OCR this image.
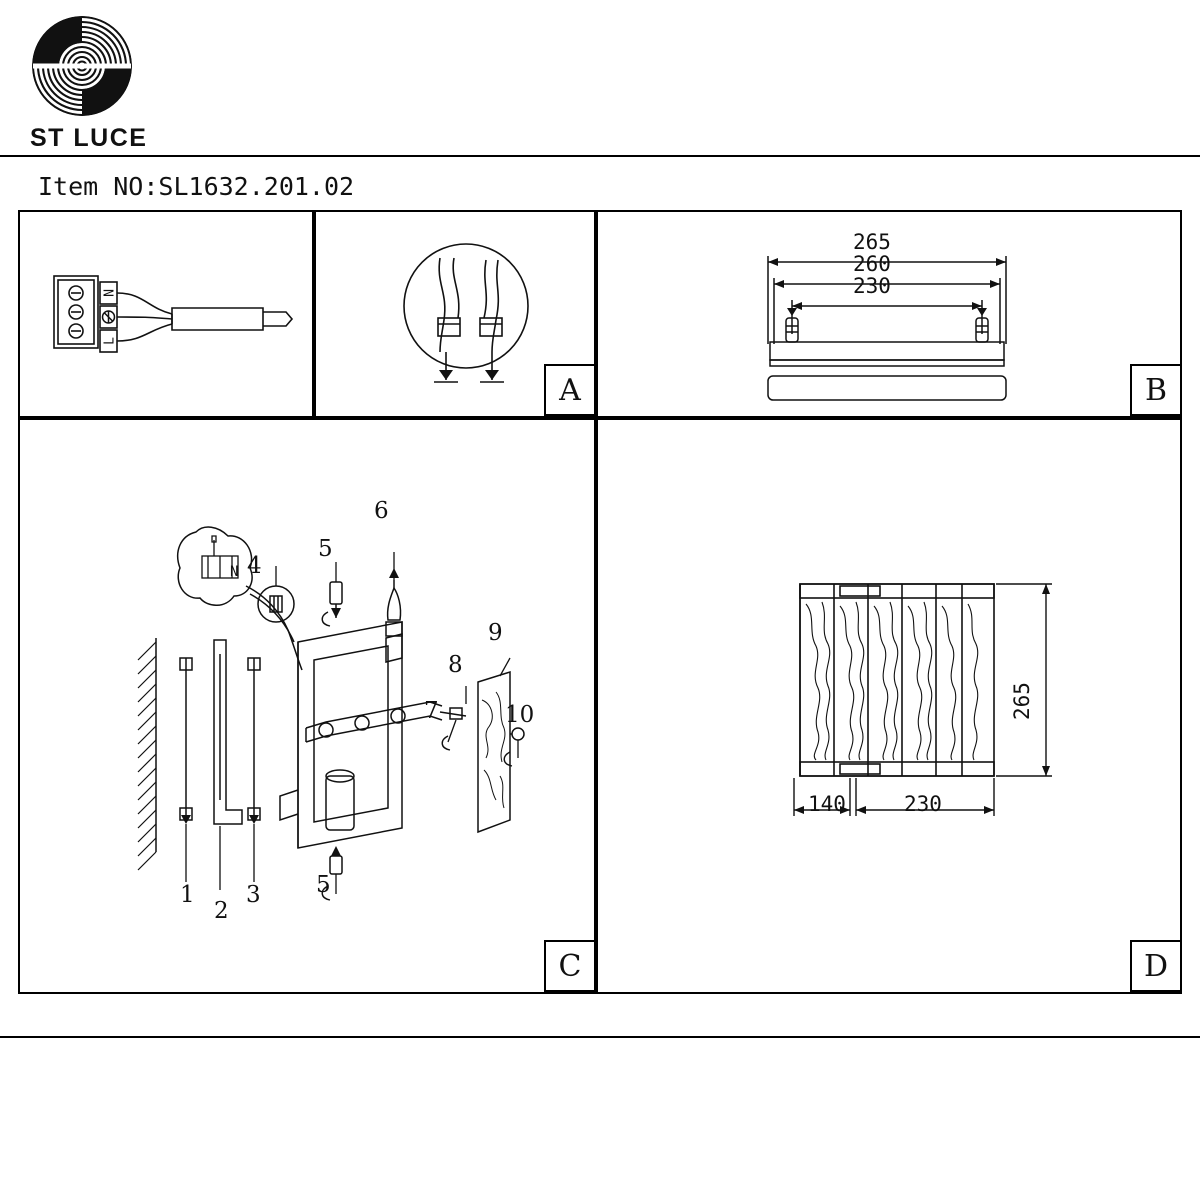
ST LUCE
Item NO:SL1632.201.02
N
L
A
265
260
230
B
N
1
2
3
4
5
6
5
7
8
9
10
C
265
140	230
D
